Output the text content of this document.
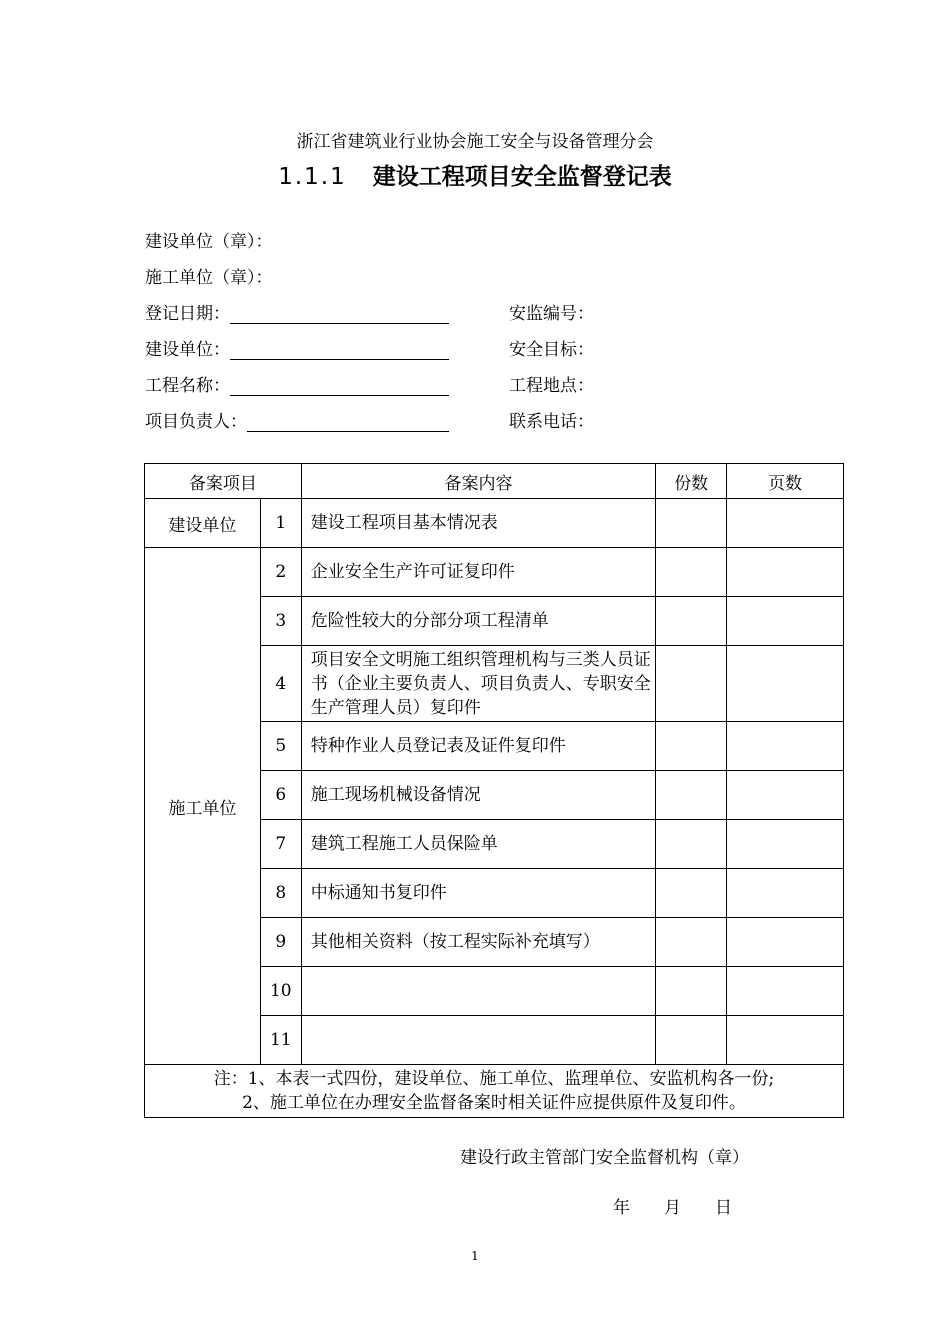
浙江省建筑业行业协会施工安全与设备管理分会
1.1.1 建设工程项目安全监督登记表
建设单位（章）：
施工单位（章）：
登记日期：	安监编号：
建设单位：	安全目标：
工程名称：	工程地点：
项目负责人：	联系电话：
备案项目		备案内容	份数	页数
建设单位	1	建设工程项目基本情况表		
施工单位	2	企业安全生产许可证复印件		
	3	危险性较大的分部分项工程清单		
	4	项目安全文明施工组织管理机构与三类人员证书（企业主要负责人、项目负责人、专职安全生产管理人员）复印件		
	5	特种作业人员登记表及证件复印件		
	6	施工现场机械设备情况		
	7	建筑工程施工人员保险单		
	8	中标通知书复印件		
	9	其他相关资料（按工程实际补充填写）		
	10			
	11			

注：1、本表一式四份，建设单位、施工单位、监理单位、安监机构各一份;
2、施工单位在办理安全监督备案时相关证件应提供原件及复印件。				
建设行政主管部门安全监督机构（章）
年 月 日
1
